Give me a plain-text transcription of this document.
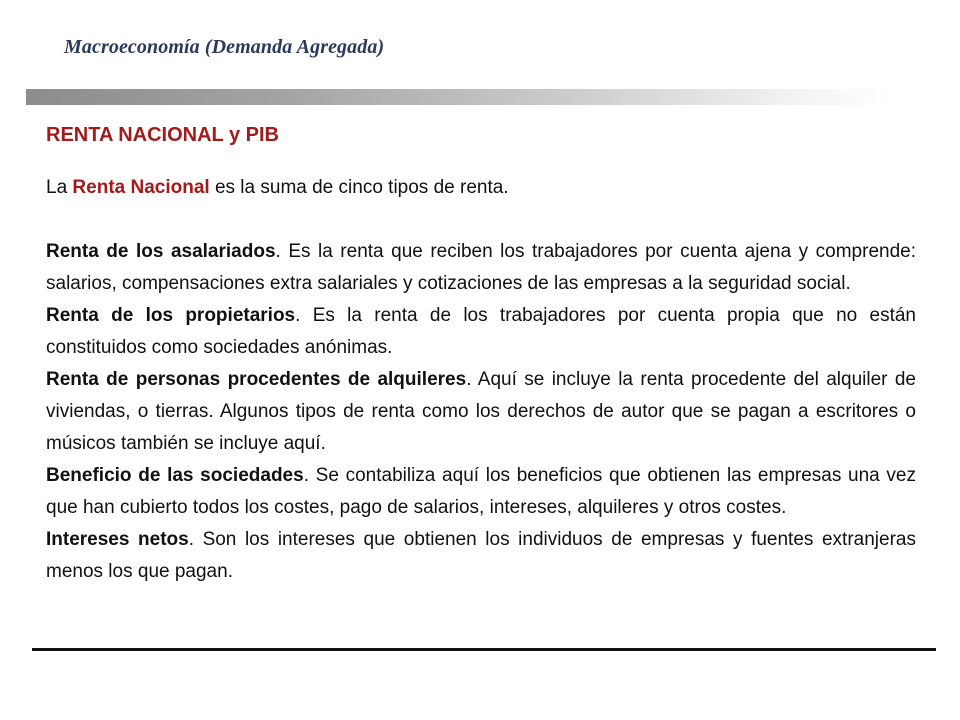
Macroeconomía (Demanda Agregada)
RENTA NACIONAL y PIB

La Renta Nacional es la suma de cinco tipos de renta.

Renta de los asalariados. Es la renta que reciben los trabajadores por cuenta ajena y comprende: salarios, compensaciones extra salariales y cotizaciones de las empresas a la seguridad social.

Renta de los propietarios. Es la renta de los trabajadores por cuenta propia que no están constituidos como sociedades anónimas.

Renta de personas procedentes de alquileres. Aquí se incluye la renta procedente del alquiler de viviendas, o tierras. Algunos tipos de renta como los derechos de autor que se pagan a escritores o músicos también se incluye aquí.

Beneficio de las sociedades. Se contabiliza aquí los beneficios que obtienen las empresas una vez que han cubierto todos los costes, pago de salarios, intereses, alquileres y otros costes.

Intereses netos. Son los intereses que obtienen los individuos de empresas y fuentes extranjeras menos los que pagan.
